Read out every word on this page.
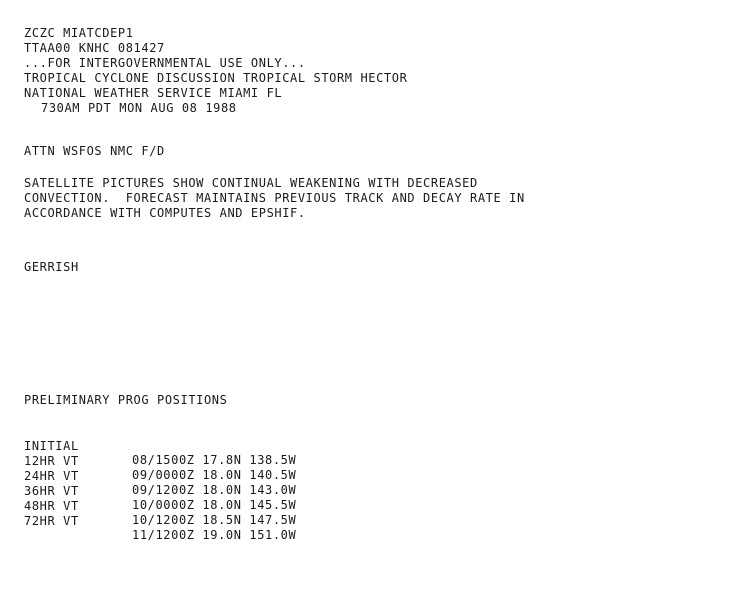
ZCZC MIATCDEP1
TTAA00 KNHC 081427
...FOR INTERGOVERNMENTAL USE ONLY...
TROPICAL CYCLONE DISCUSSION TROPICAL STORM HECTOR
NATIONAL WEATHER SERVICE MIAMI FL
730AM PDT MON AUG 08 1988
ATTN WSFOS NMC F/D
SATELLITE PICTURES SHOW CONTINUAL WEAKENING WITH DECREASED
CONVECTION.  FORECAST MAINTAINS PREVIOUS TRACK AND DECAY RATE IN
ACCORDANCE WITH COMPUTES AND EPSHIF.
GERRISH
PRELIMINARY PROG POSITIONS

INITIAL

08/1500Z 17.8N 138.5W

12HR VT

09/0000Z 18.0N 140.5W

24HR VT

09/1200Z 18.0N 143.0W

36HR VT

10/0000Z 18.0N 145.5W

48HR VT

10/1200Z 18.5N 147.5W

72HR VT

11/1200Z 19.0N 151.0W
